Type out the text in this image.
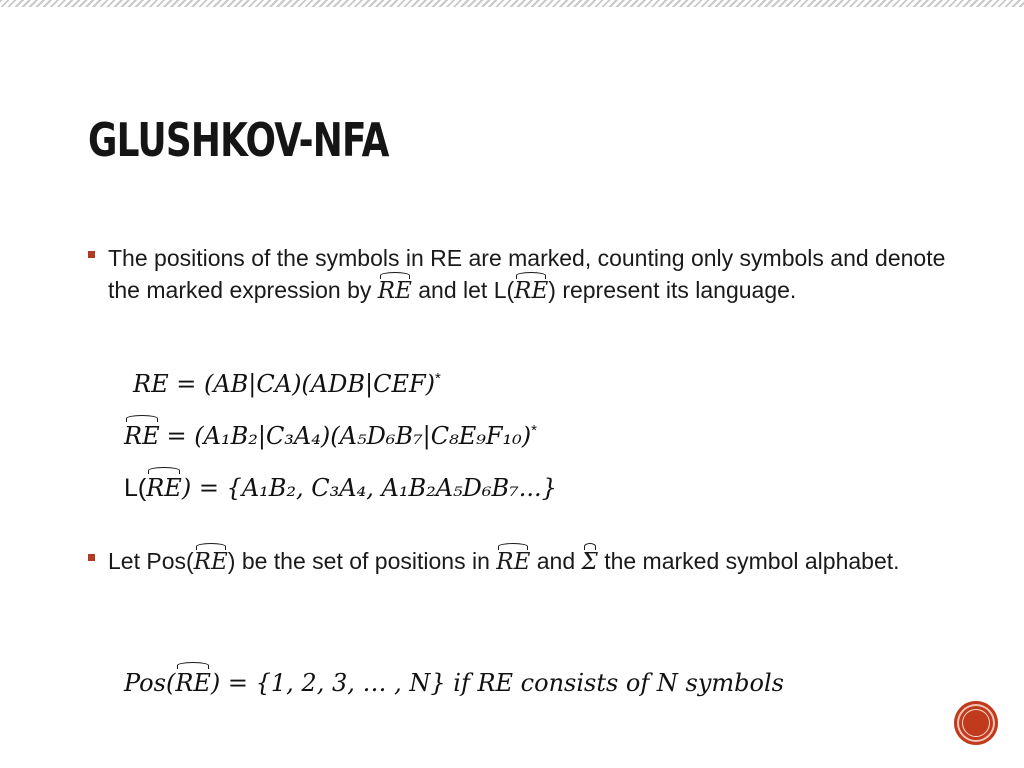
GLUSHKOV-NFA
The positions of the symbols in RE are marked, counting only symbols and denote the marked expression by RE and let L(RE) represent its language.
RE = (AB|CA)(ADB|CEF)*
RE = (A₁B₂|C₃A₄)(A₅D₆B₇|C₈E₉F₁₀)*
L(RE) = {A₁B₂, C₃A₄, A₁B₂A₅D₆B₇...}
Let Pos(RE) be the set of positions in RE and Σ the marked symbol alphabet.
Pos(RE) = {1, 2, 3, … , N} if RE consists of N symbols
